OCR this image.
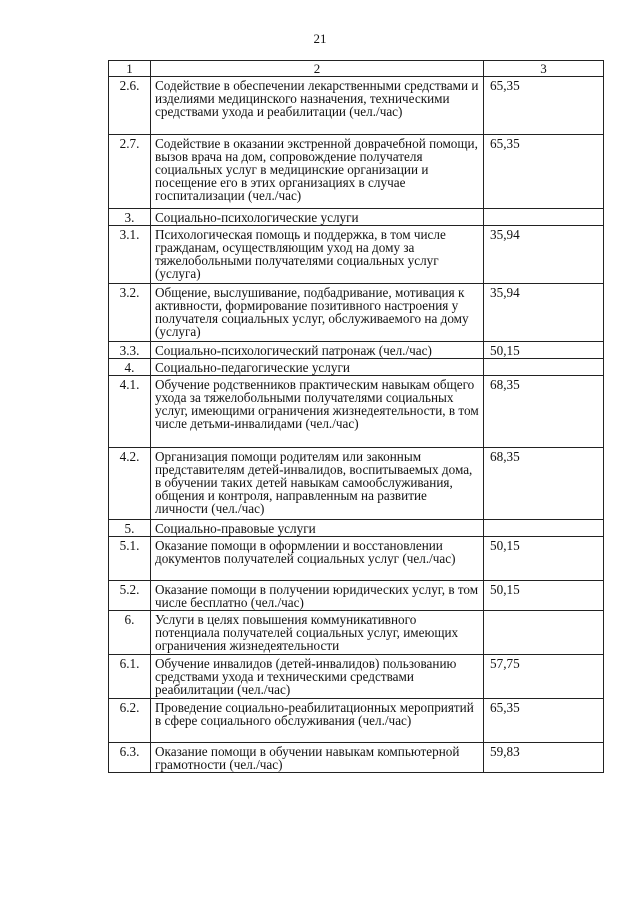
21
1	2	3
2.6.	Содействие в обеспечении лекарственными средствами и изделиями медицинского назначения, техническими средствами ухода и реабилитации (чел./час)	65,35
2.7.	Содействие в оказании экстренной доврачебной помощи, вызов врача на дом, сопровождение получателя социальных услуг в медицинские организации и посещение его в этих организациях в случае госпитализации (чел./час)	65,35
3.	Социально-психологические услуги	
3.1.	Психологическая помощь и поддержка, в том числе гражданам, осуществляющим уход на дому за тяжелобольными получателями социальных услуг (услуга)	35,94
3.2.	Общение, выслушивание, подбадривание, мотивация к активности, формирование позитивного настроения у получателя социальных услуг, обслуживаемого на дому (услуга)	35,94
3.3.	Социально-психологический патронаж (чел./час)	50,15
4.	Социально-педагогические услуги	
4.1.	Обучение родственников практическим навыкам общего ухода за тяжелобольными получателями социальных услуг, имеющими ограничения жизнедеятельности, в том числе детьми-инвалидами (чел./час)	68,35
4.2.	Организация помощи родителям или законным представителям детей-инвалидов, воспитываемых дома, в обучении таких детей навыкам самообслуживания, общения и контроля, направленным на развитие личности (чел./час)	68,35
5.	Социально-правовые услуги	
5.1.	Оказание помощи в оформлении и восстановлении документов получателей социальных услуг (чел./час)	50,15
5.2.	Оказание помощи в получении юридических услуг, в том числе бесплатно (чел./час)	50,15
6.	Услуги в целях повышения коммуникативного потенциала получателей социальных услуг, имеющих ограничения жизнедеятельности	
6.1.	Обучение инвалидов (детей-инвалидов) пользованию средствами ухода и техническими средствами реабилитации (чел./час)	57,75
6.2.	Проведение социально-реабилитационных мероприятий в сфере социального обслуживания (чел./час)	65,35
6.3.	Оказание помощи в обучении навыкам компьютерной грамотности (чел./час)	59,83
